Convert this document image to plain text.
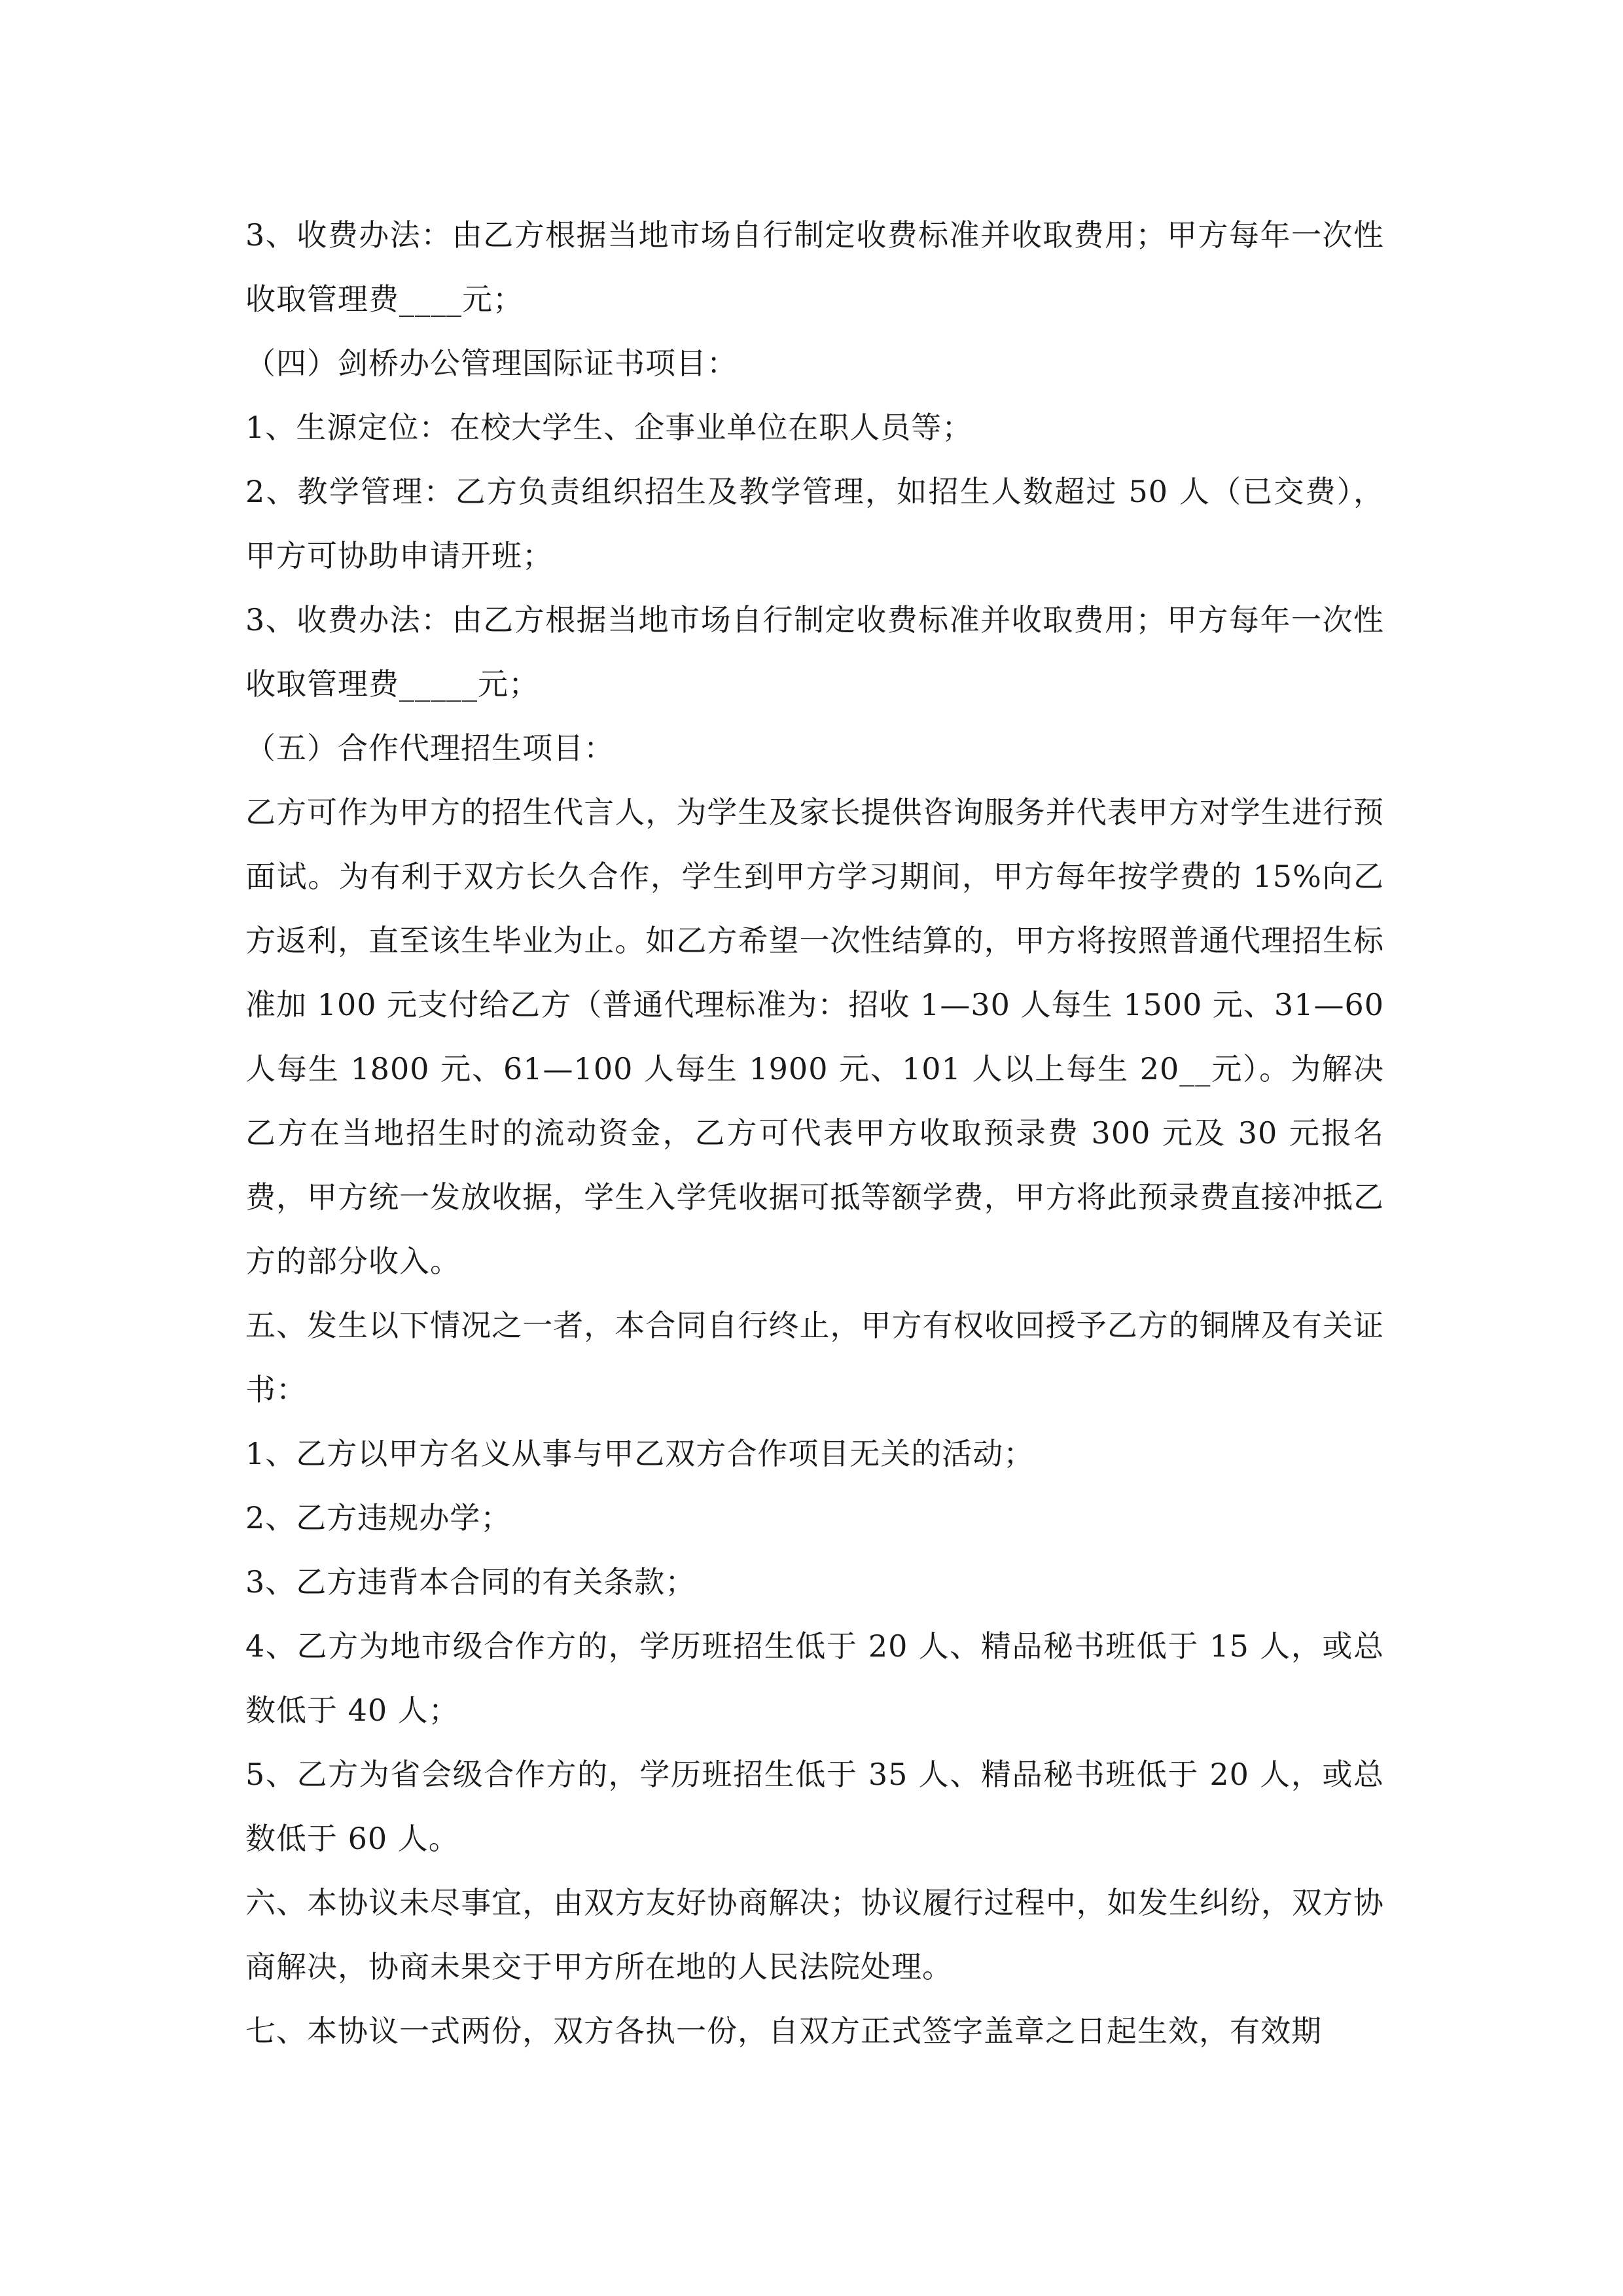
3、收费办法：由乙方根据当地市场自行制定收费标准并收取费用；甲方每年一次性收取管理费____元；

（四）剑桥办公管理国际证书项目：

1、生源定位：在校大学生、企事业单位在职人员等；

2、教学管理：乙方负责组织招生及教学管理，如招生人数超过 50 人（已交费），甲方可协助申请开班；

3、收费办法：由乙方根据当地市场自行制定收费标准并收取费用；甲方每年一次性收取管理费_____元；

（五）合作代理招生项目：

乙方可作为甲方的招生代言人，为学生及家长提供咨询服务并代表甲方对学生进行预面试。为有利于双方长久合作，学生到甲方学习期间，甲方每年按学费的 15%向乙方返利，直至该生毕业为止。如乙方希望一次性结算的，甲方将按照普通代理招生标准加 100 元支付给乙方（普通代理标准为：招收 1—30 人每生 1500 元、31—60 人每生 1800 元、61—100 人每生 1900 元、101 人以上每生 20__元）。为解决乙方在当地招生时的流动资金，乙方可代表甲方收取预录费 300 元及 30 元报名费，甲方统一发放收据，学生入学凭收据可抵等额学费，甲方将此预录费直接冲抵乙方的部分收入。

五、发生以下情况之一者，本合同自行终止，甲方有权收回授予乙方的铜牌及有关证书：

1、乙方以甲方名义从事与甲乙双方合作项目无关的活动；

2、乙方违规办学；

3、乙方违背本合同的有关条款；

4、乙方为地市级合作方的，学历班招生低于 20 人、精品秘书班低于 15 人，或总数低于 40 人；

5、乙方为省会级合作方的，学历班招生低于 35 人、精品秘书班低于 20 人，或总数低于 60 人。

六、本协议未尽事宜，由双方友好协商解决；协议履行过程中，如发生纠纷，双方协商解决，协商未果交于甲方所在地的人民法院处理。

七、本协议一式两份，双方各执一份，自双方正式签字盖章之日起生效，有效期
